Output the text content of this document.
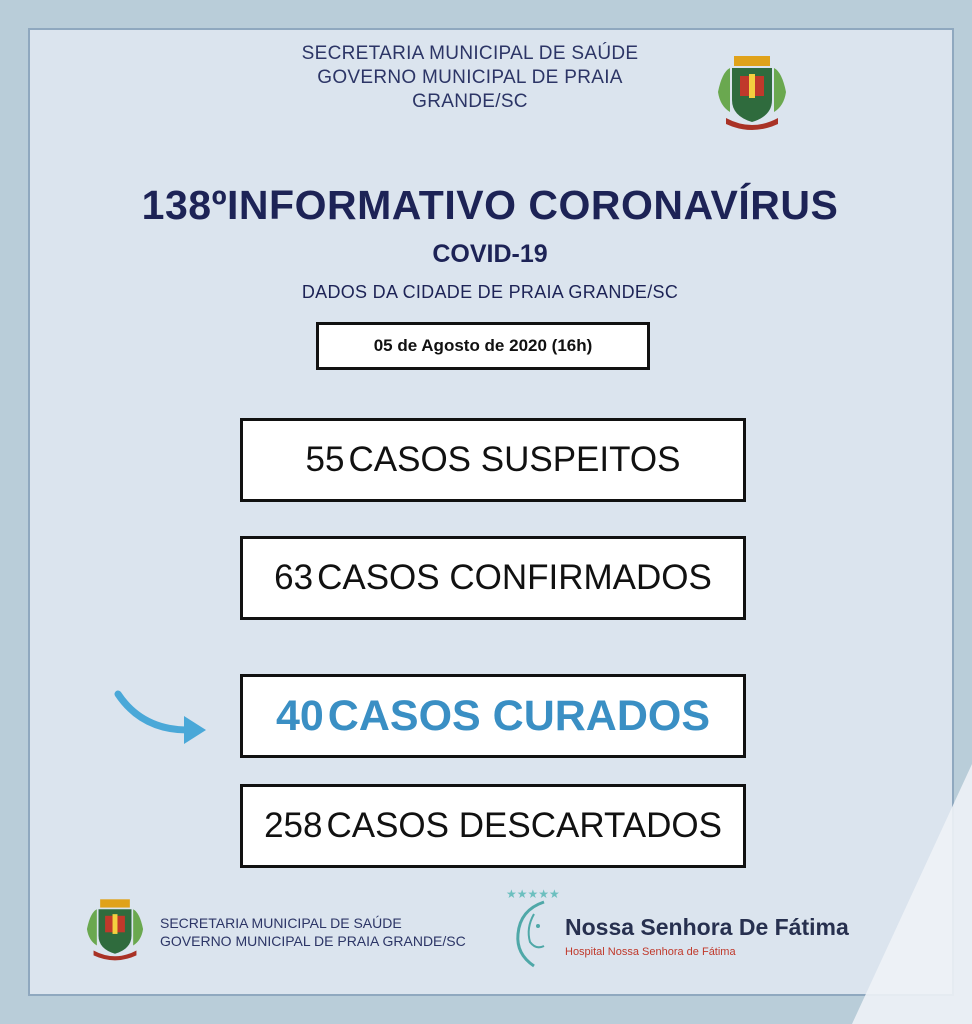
SECRETARIA MUNICIPAL DE SAÚDE
GOVERNO MUNICIPAL DE PRAIA GRANDE/SC
138ºINFORMATIVO CORONAVÍRUS
COVID-19
DADOS DA CIDADE DE PRAIA GRANDE/SC
05 de Agosto de 2020 (16h)
55 CASOS SUSPEITOS
63 CASOS CONFIRMADOS
40 CASOS CURADOS
258 CASOS DESCARTADOS
SECRETARIA MUNICIPAL DE SAÚDE
GOVERNO MUNICIPAL DE PRAIA GRANDE/SC
★★★★★
Nossa Senhora De Fátima
Hospital Nossa Senhora de Fátima
